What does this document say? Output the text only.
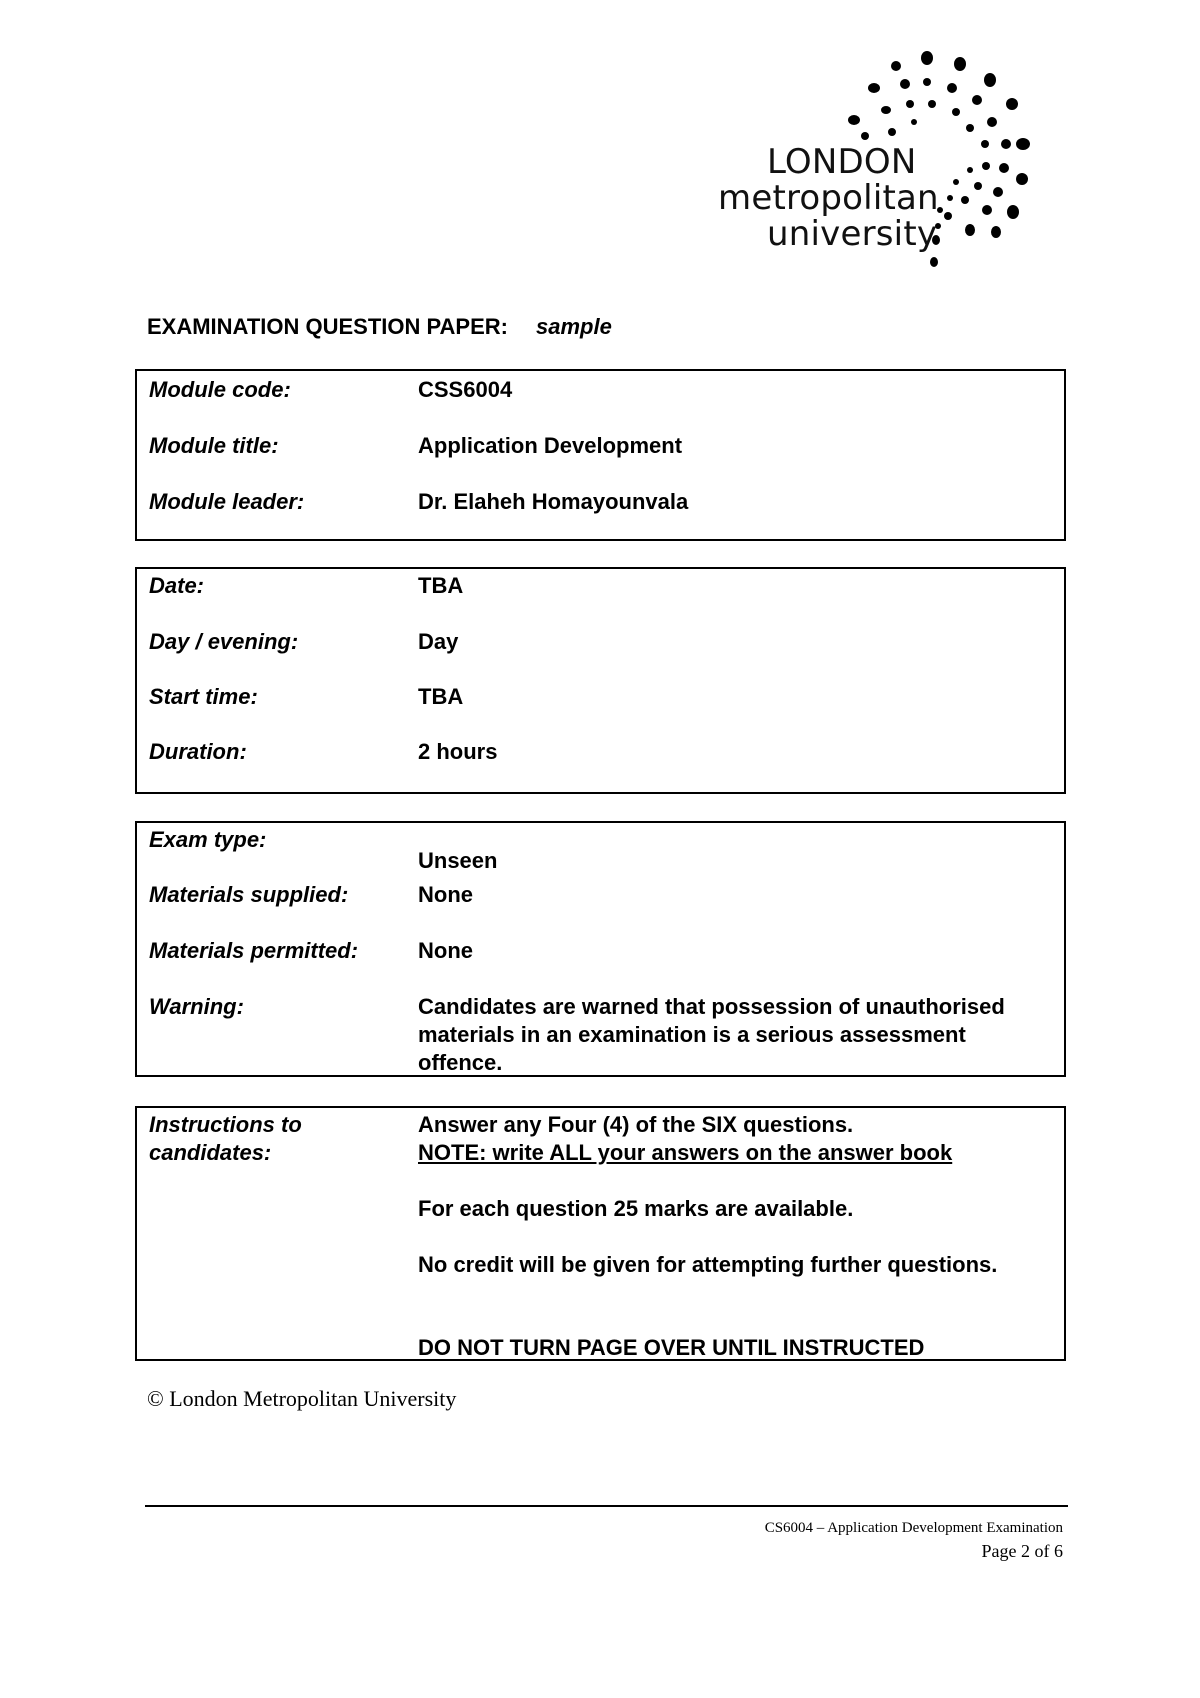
LONDON
metropolitan
university
EXAMINATION QUESTION PAPER: sample
Module code:	CSS6004
Module title:	Application Development
Module leader:	Dr. Elaheh Homayounvala
Date:	TBA
Day / evening:	Day
Start time:	TBA
Duration:	2 hours
Exam type:
Unseen
Materials supplied:	None
Materials permitted:	None
Warning:	Candidates are warned that possession of unauthorised materials in an examination is a serious assessment offence.
Instructions to candidates:
Answer any Four (4) of the SIX questions.
NOTE: write ALL your answers on the answer book
For each question 25 marks are available.
No credit will be given for attempting further questions.
DO NOT TURN PAGE OVER UNTIL INSTRUCTED
© London Metropolitan University
CS6004 – Application Development Examination
Page 2 of 6
